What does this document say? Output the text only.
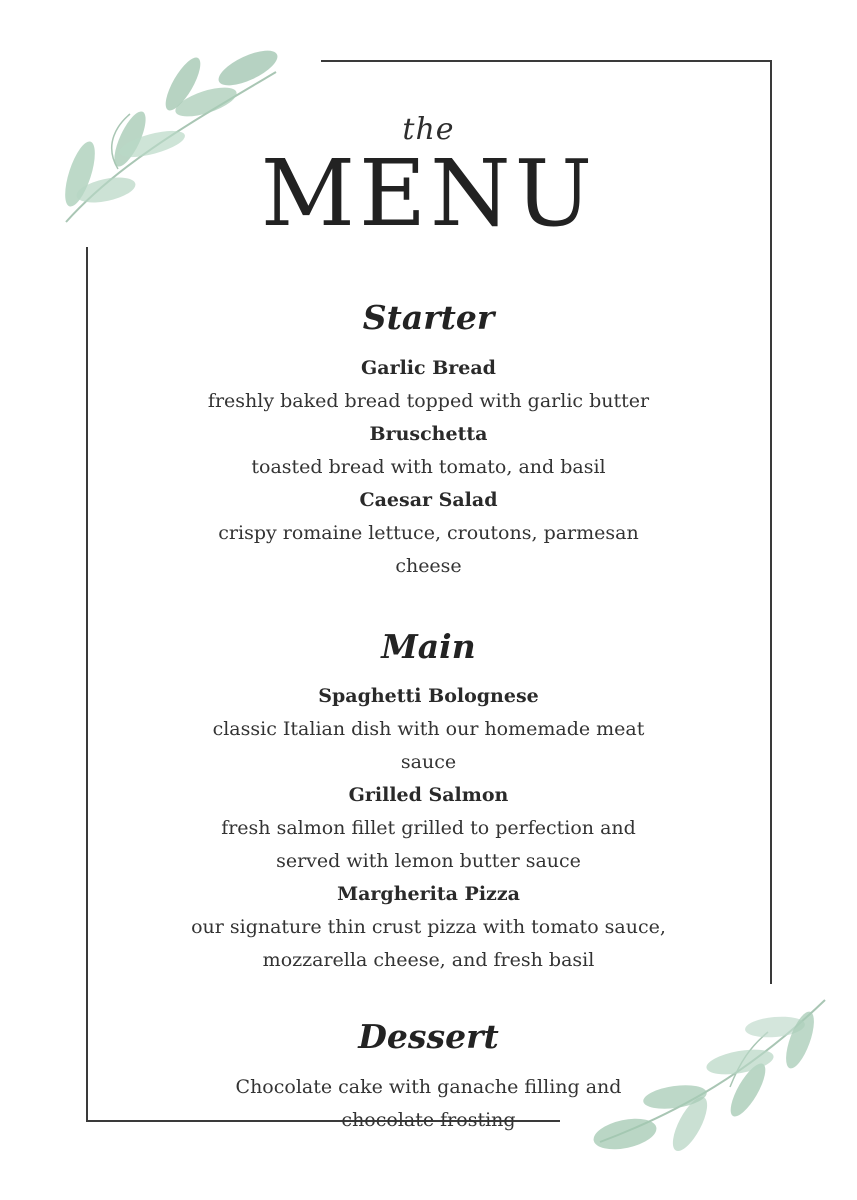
the
MENU
Starter
Garlic Bread
freshly baked bread topped with garlic butter
Bruschetta
toasted bread with tomato, and basil
Caesar Salad
crispy romaine lettuce, croutons, parmesan cheese
Main
Spaghetti Bolognese
classic Italian dish with our homemade meat sauce
Grilled Salmon
fresh salmon fillet grilled to perfection and served with lemon butter sauce
Margherita Pizza
our signature thin crust pizza with tomato sauce, mozzarella cheese, and fresh basil
Dessert
Chocolate cake with ganache filling and chocolate frosting
